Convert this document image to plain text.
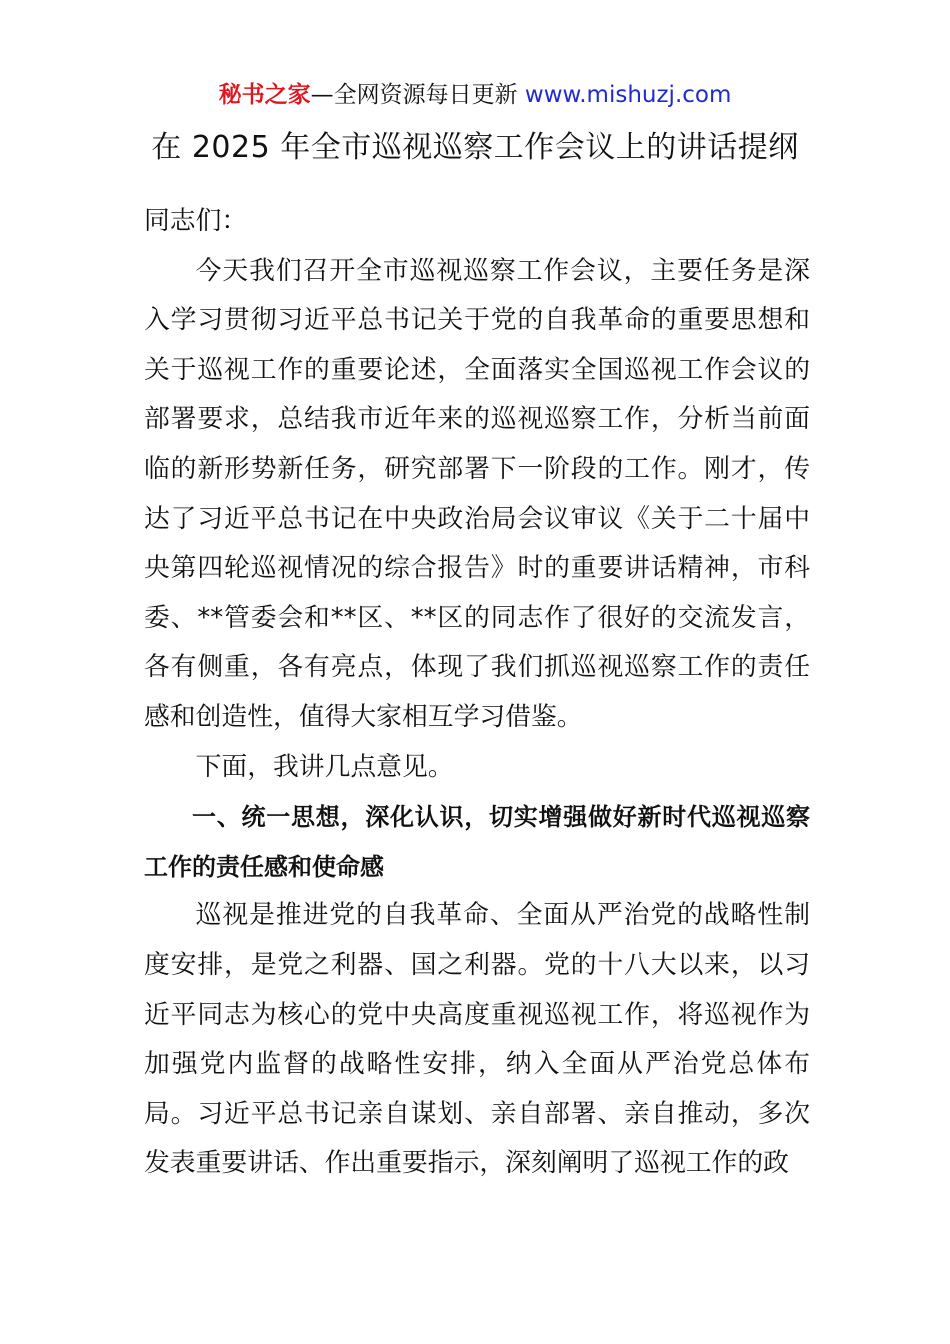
秘书之家—全网资源每日更新 www.mishuzj.com
在 2025 年全市巡视巡察工作会议上的讲话提纲

同志们：

今天我们召开全市巡视巡察工作会议，主要任务是深入学习贯彻习近平总书记关于党的自我革命的重要思想和关于巡视工作的重要论述，全面落实全国巡视工作会议的部署要求，总结我市近年来的巡视巡察工作，分析当前面临的新形势新任务，研究部署下一阶段的工作。刚才，传达了习近平总书记在中央政治局会议审议《关于二十届中央第四轮巡视情况的综合报告》时的重要讲话精神，市科委、**管委会和**区、**区的同志作了很好的交流发言，各有侧重，各有亮点，体现了我们抓巡视巡察工作的责任感和创造性，值得大家相互学习借鉴。

下面，我讲几点意见。

一、统一思想，深化认识，切实增强做好新时代巡视巡察工作的责任感和使命感

巡视是推进党的自我革命、全面从严治党的战略性制度安排，是党之利器、国之利器。党的十八大以来，以习近平同志为核心的党中央高度重视巡视工作，将巡视作为加强党内监督的战略性安排，纳入全面从严治党总体布局。习近平总书记亲自谋划、亲自部署、亲自推动，多次发表重要讲话、作出重要指示，深刻阐明了巡视工作的政
